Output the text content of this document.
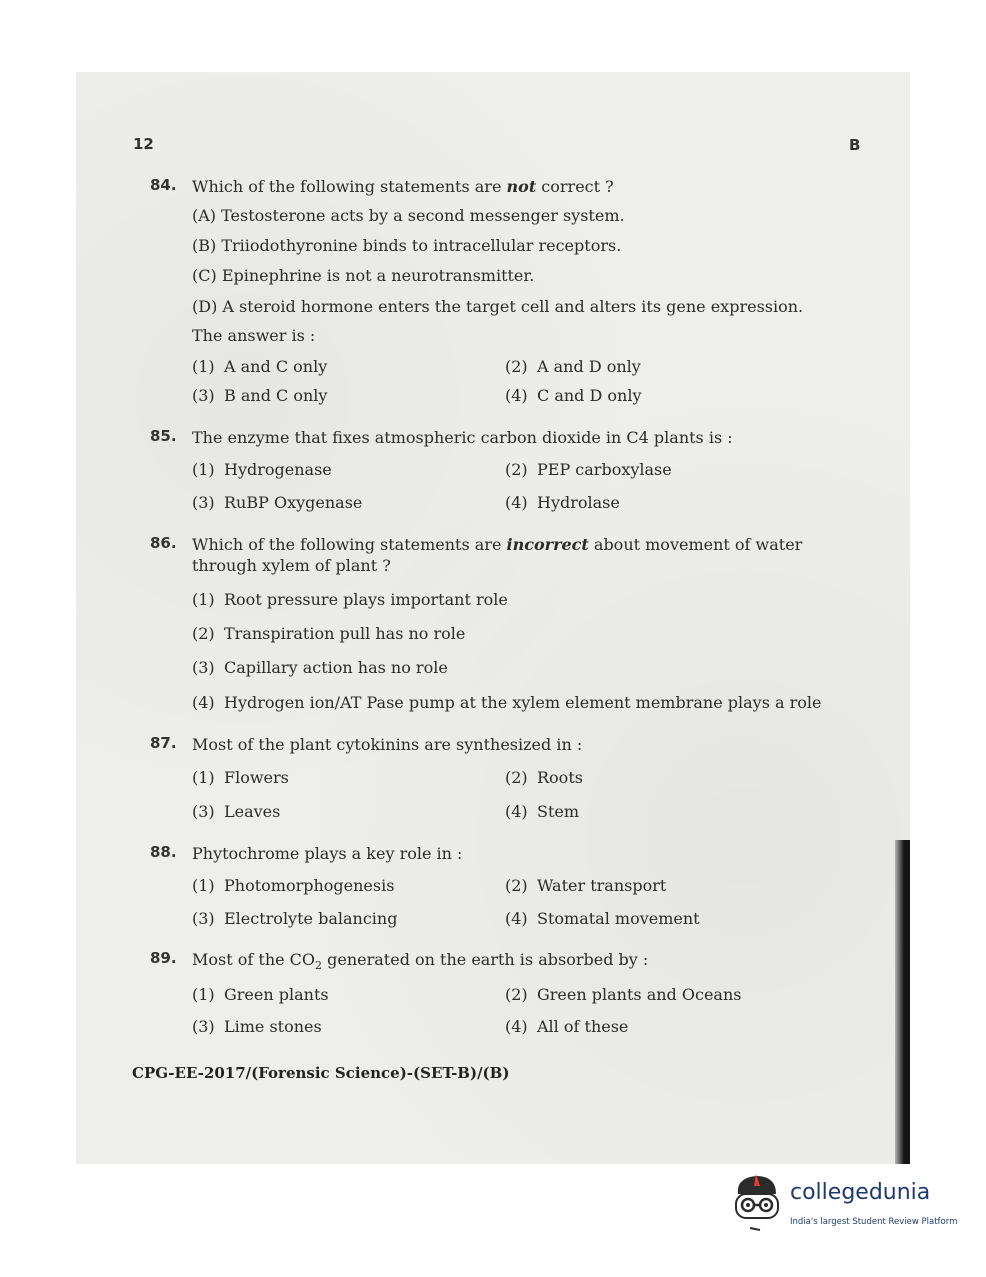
12	B
84. Which of the following statements are not correct ?
(A) Testosterone acts by a second messenger system.
(B) Triiodothyronine binds to intracellular receptors.
(C) Epinephrine is not a neurotransmitter.
(D) A steroid hormone enters the target cell and alters its gene expression.
The answer is :
(1) A and C only	(2) A and D only
(3) B and C only	(4) C and D only
85. The enzyme that fixes atmospheric carbon dioxide in C4 plants is :
(1) Hydrogenase	(2) PEP carboxylase
(3) RuBP Oxygenase	(4) Hydrolase
86. Which of the following statements are incorrect about movement of water through xylem of plant ?
(1) Root pressure plays important role
(2) Transpiration pull has no role
(3) Capillary action has no role
(4) Hydrogen ion/AT Pase pump at the xylem element membrane plays a role
87. Most of the plant cytokinins are synthesized in :
(1) Flowers	(2) Roots
(3) Leaves	(4) Stem
88. Phytochrome plays a key role in :
(1) Photomorphogenesis	(2) Water transport
(3) Electrolyte balancing	(4) Stomatal movement
89. Most of the $CO_2$ generated on the earth is absorbed by :
(1) Green plants	(2) Green plants and Oceans
(3) Lime stones	(4) All of these
CPG-EE-2017/(Forensic Science)-(SET-B)/(B)
collegedunia
India's largest Student Review Platform
